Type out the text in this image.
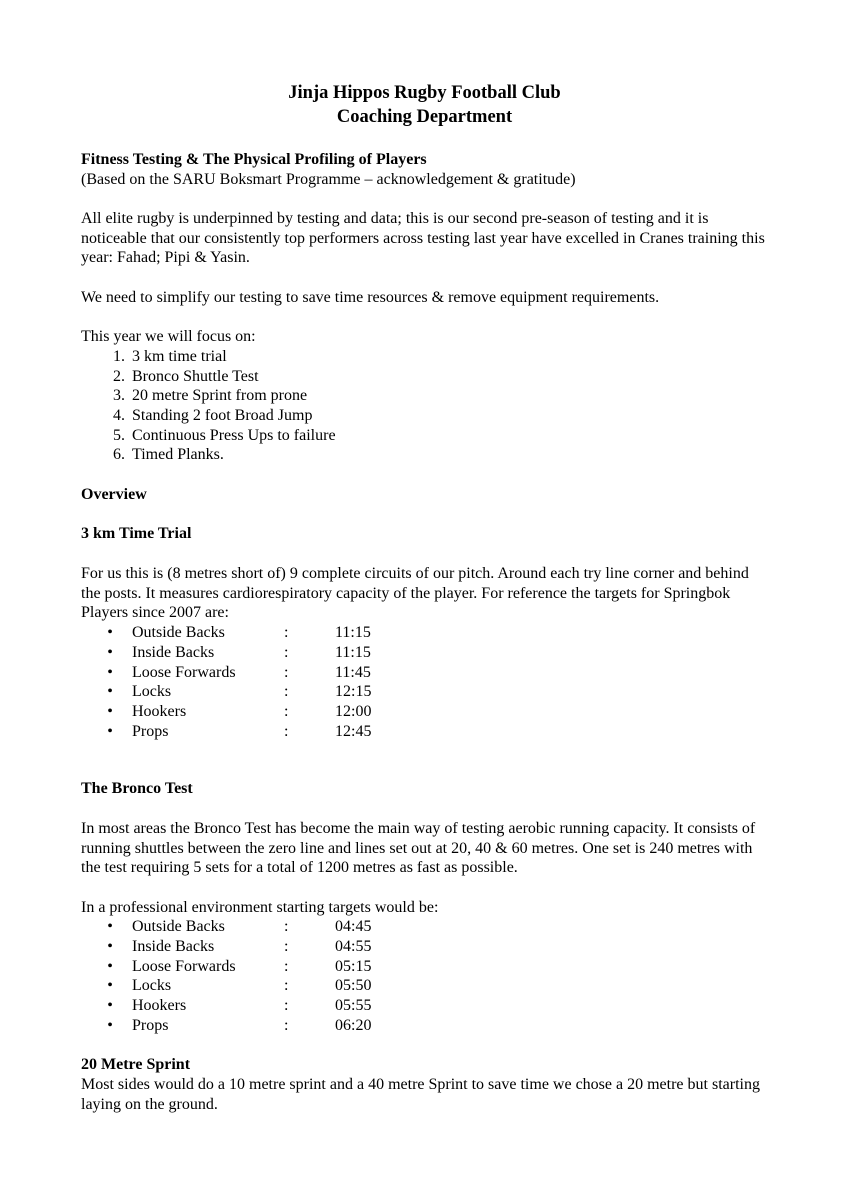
Jinja Hippos Rugby Football Club
Coaching Department
Fitness Testing & The Physical Profiling of Players
(Based on the SARU Boksmart Programme – acknowledgement & gratitude)

All elite rugby is underpinned by testing and data; this is our second pre-season of testing and it is noticeable that our consistently top performers across testing last year have excelled in Cranes training this year: Fahad; Pipi & Yasin.

We need to simplify our testing to save time resources & remove equipment requirements.

This year we will focus on:
1. 3 km time trial
2. Bronco Shuttle Test
3. 20 metre Sprint from prone
4. Standing 2 foot Broad Jump
5. Continuous Press Ups to failure
6. Timed Planks.
Overview
3 km Time Trial

For us this is (8 metres short of) 9 complete circuits of our pitch. Around each try line corner and behind the posts. It measures cardiorespiratory capacity of the player. For reference the targets for Springbok Players since 2007 are:

• Outside Backs	:	11:15
• Inside Backs	:	11:15
• Loose Forwards	:	11:45
• Locks	:	12:15
• Hookers	:	12:00
• Props	:	12:45
The Bronco Test

In most areas the Bronco Test has become the main way of testing aerobic running capacity. It consists of running shuttles between the zero line and lines set out at 20, 40 & 60 metres. One set is 240 metres with the test requiring 5 sets for a total of 1200 metres as fast as possible.

In a professional environment starting targets would be:
• Outside Backs	:	04:45
• Inside Backs	:	04:55
• Loose Forwards	:	05:15
• Locks	:	05:50
• Hookers	:	05:55
• Props	:	06:20
20 Metre Sprint

Most sides would do a 10 metre sprint and a 40 metre Sprint to save time we chose a 20 metre but starting laying on the ground.
